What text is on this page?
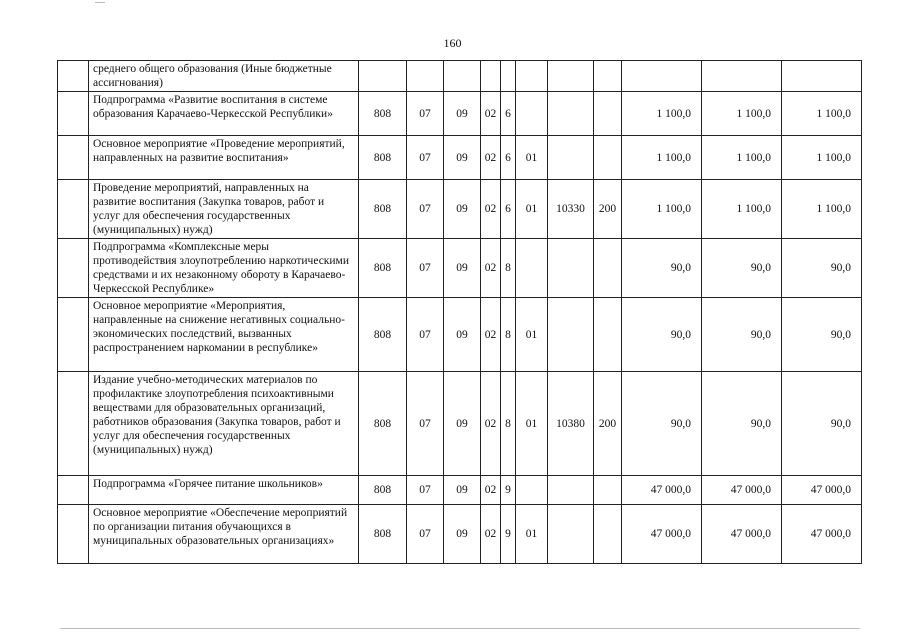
160
	среднего общего образования (Иные бюджетные ассигнования)											
	Подпрограмма «Развитие воспитания в системе образования Карачаево-Черкесской Республики»	808	07	09	02	6				1 100,0	1 100,0	1 100,0
	Основное мероприятие «Проведение мероприятий, направленных на развитие воспитания»	808	07	09	02	6	01			1 100,0	1 100,0	1 100,0
	Проведение мероприятий, направленных на развитие воспитания (Закупка товаров, работ и услуг для обеспечения государственных (муниципальных) нужд)	808	07	09	02	6	01	10330	200	1 100,0	1 100,0	1 100,0
	Подпрограмма «Комплексные меры противодействия злоупотреблению наркотическими средствами и их незаконному обороту в Карачаево-Черкесской Республике»	808	07	09	02	8				90,0	90,0	90,0
	Основное мероприятие «Мероприятия, направленные на снижение негативных социально-экономических последствий, вызванных распространением наркомании в республике»	808	07	09	02	8	01			90,0	90,0	90,0
	Издание учебно-методических материалов по профилактике злоупотребления психоактивными веществами для образовательных организаций, работников образования (Закупка товаров, работ и услуг для обеспечения государственных (муниципальных) нужд)	808	07	09	02	8	01	10380	200	90,0	90,0	90,0
	Подпрограмма «Горячее питание школьников»	808	07	09	02	9				47 000,0	47 000,0	47 000,0
	Основное мероприятие «Обеспечение мероприятий по организации питания обучающихся в муниципальных образовательных организациях»	808	07	09	02	9	01			47 000,0	47 000,0	47 000,0
